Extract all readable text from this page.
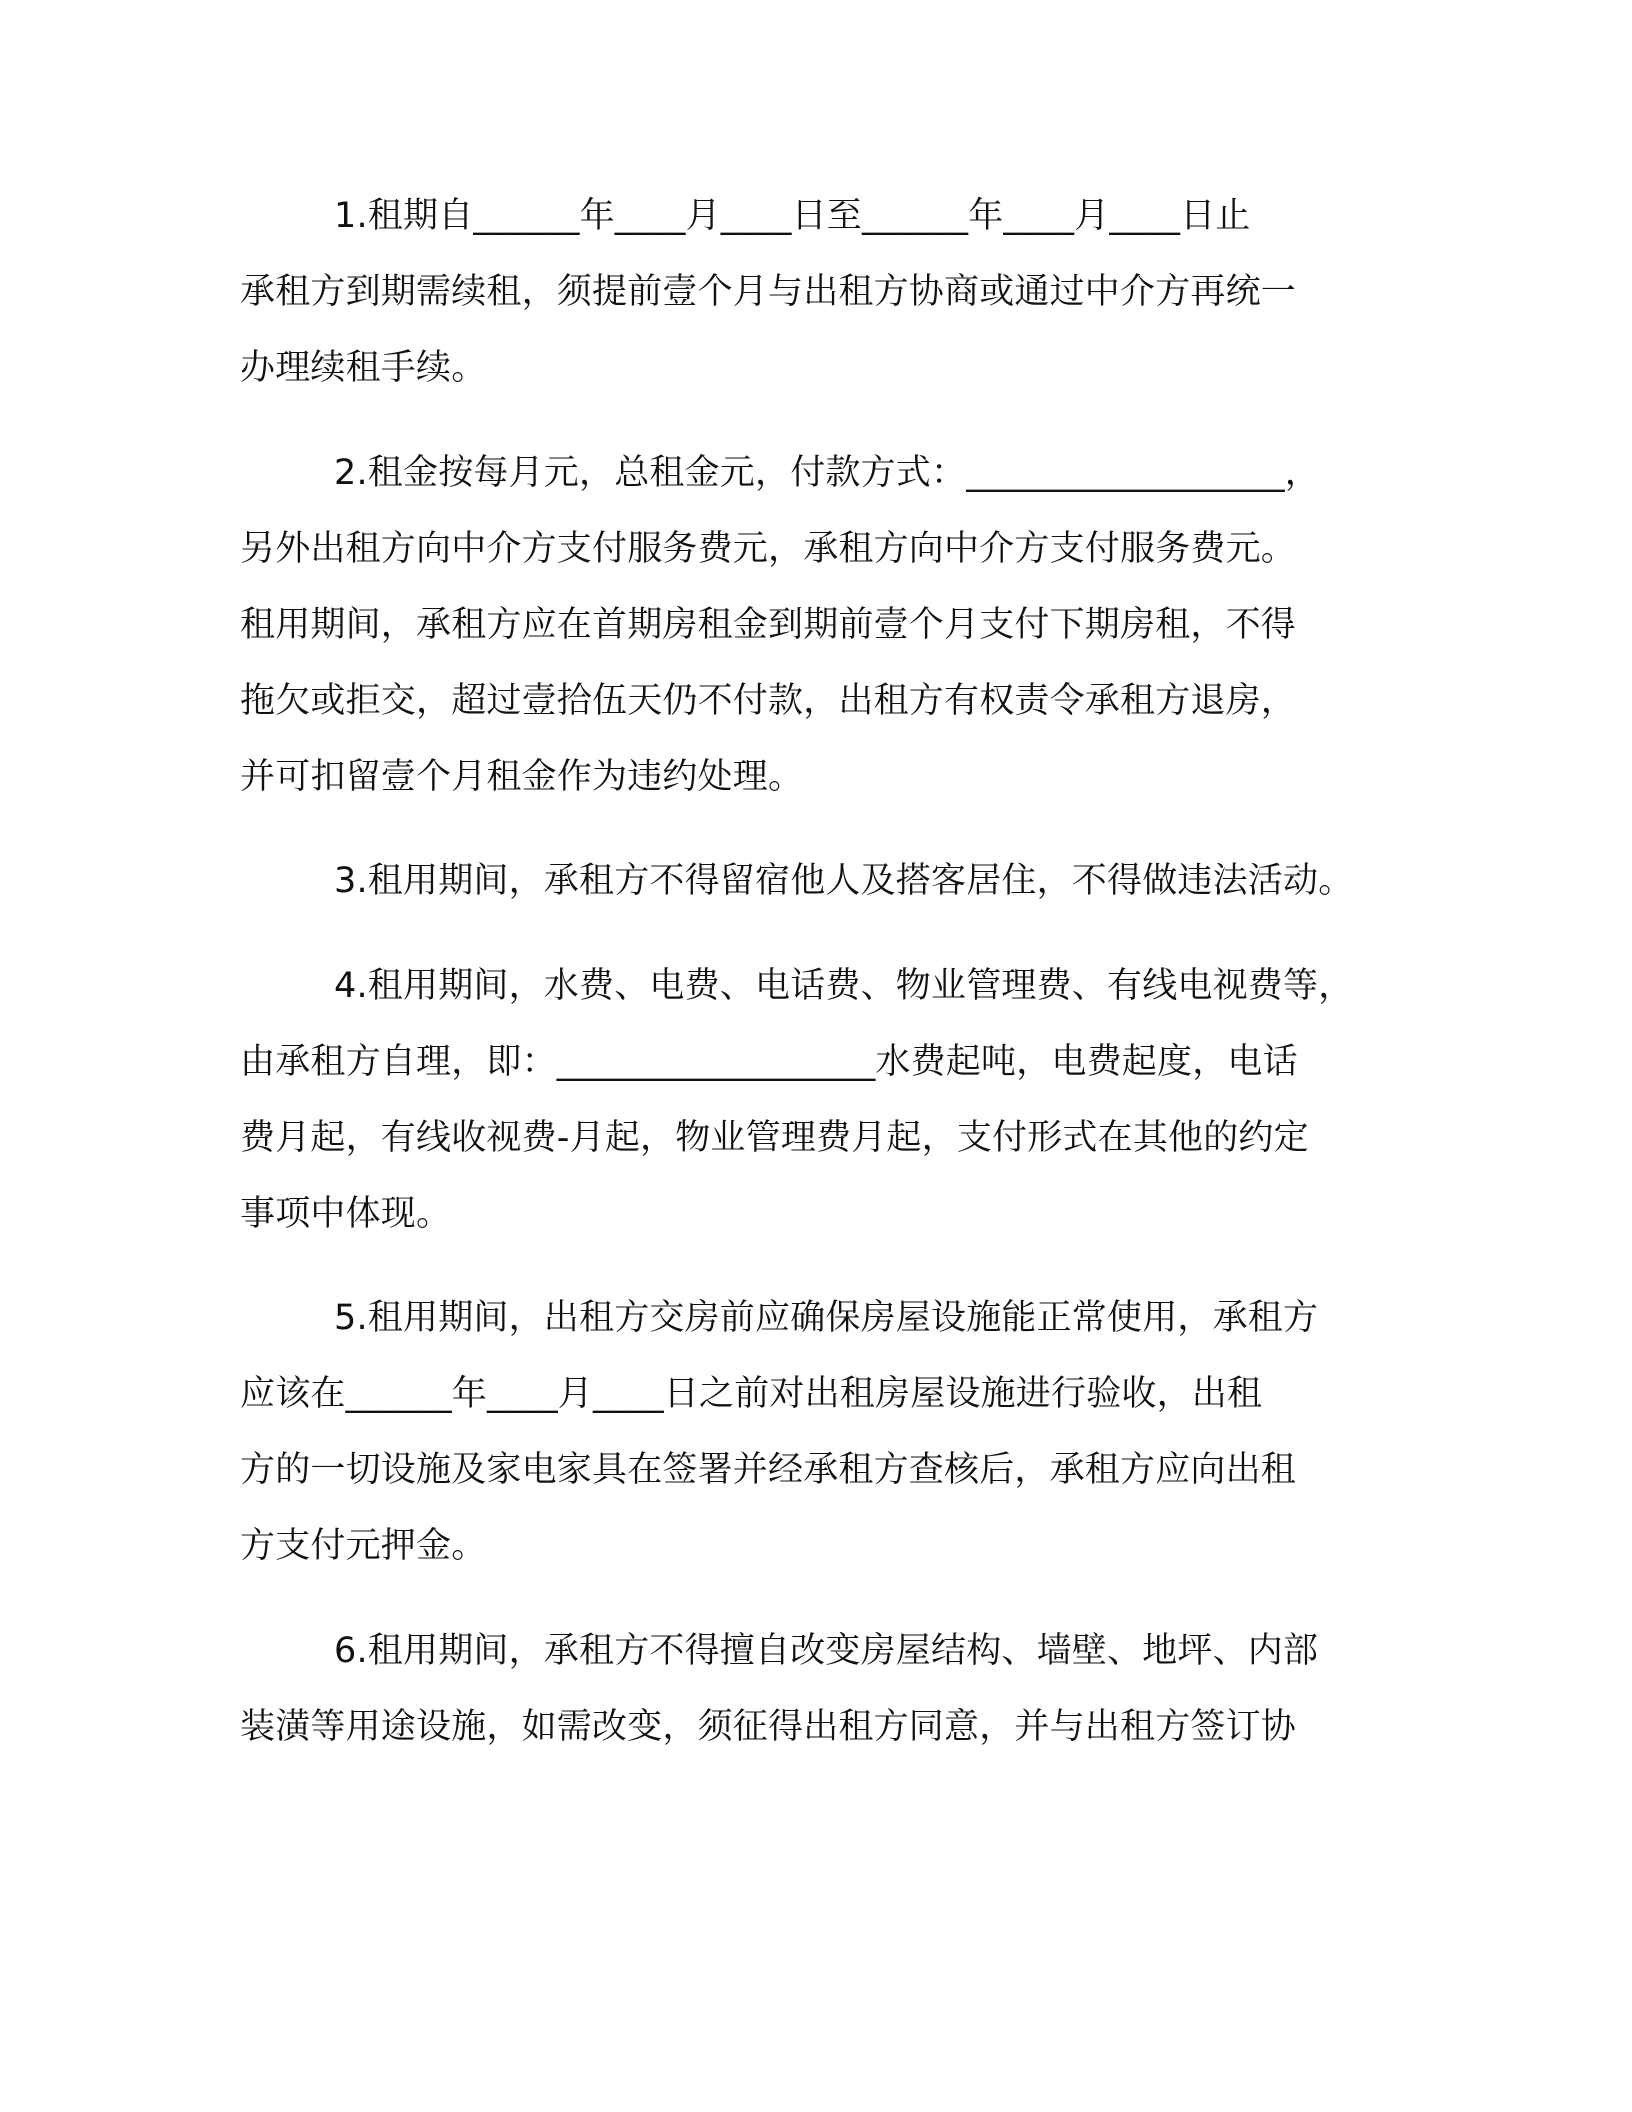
1.租期自______年____月____日至______年____月____日止
承租方到期需续租，须提前壹个月与出租方协商或通过中介方再统一
办理续租手续。
2.租金按每月元，总租金元，付款方式：__________________，
另外出租方向中介方支付服务费元，承租方向中介方支付服务费元。
租用期间，承租方应在首期房租金到期前壹个月支付下期房租，不得
拖欠或拒交，超过壹拾伍天仍不付款，出租方有权责令承租方退房，
并可扣留壹个月租金作为违约处理。
3.租用期间，承租方不得留宿他人及搭客居住，不得做违法活动。
4.租用期间，水费、电费、电话费、物业管理费、有线电视费等，
由承租方自理，即：__________________水费起吨，电费起度，电话
费月起，有线收视费-月起，物业管理费月起，支付形式在其他的约定
事项中体现。
5.租用期间，出租方交房前应确保房屋设施能正常使用，承租方
应该在______年____月____日之前对出租房屋设施进行验收，出租
方的一切设施及家电家具在签署并经承租方查核后，承租方应向出租
方支付元押金。
6.租用期间，承租方不得擅自改变房屋结构、墙壁、地坪、内部
装潢等用途设施，如需改变，须征得出租方同意，并与出租方签订协
